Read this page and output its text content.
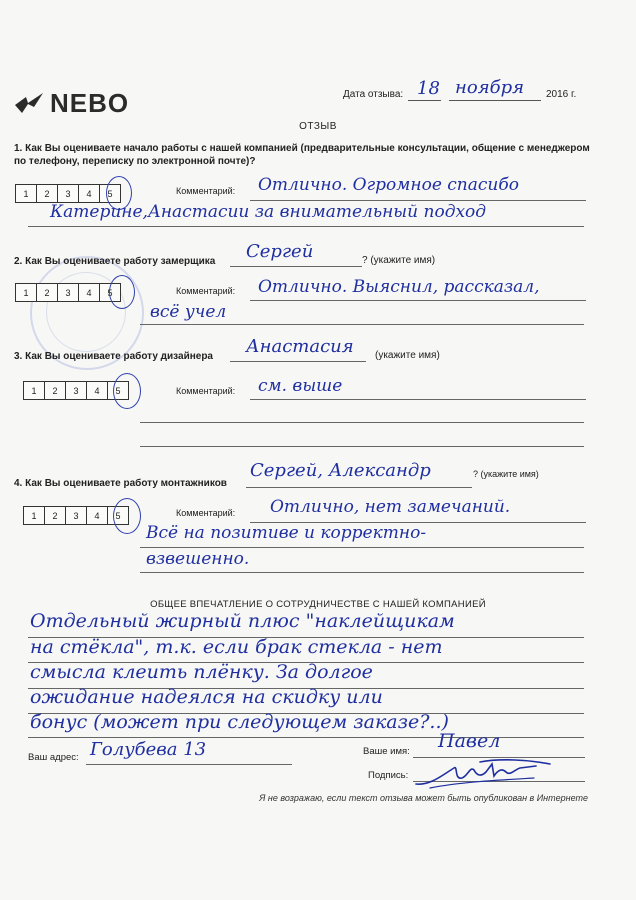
NEBO	Дата отзыва: 18 ноября 2016 г.
ОТЗЫВ
1. Как Вы оцениваете начало работы с нашей компанией (предварительные консультации, общение с менеджером по телефону, переписку по электронной почте)?
1	2	3	4	5	Комментарий: Отлично. Огромное спасибо
Катерине,Анастасии за внимательный подход
2. Как Вы оцениваете работу замерщика Сергей	? (укажите имя)
1	2	3	4	5	Комментарий: Отлично. Выяснил, рассказал,
всё учел
3. Как Вы оцениваете работу дизайнера Анастасия (укажите имя)
1	2	3	4	5	Комментарий: см. выше
4. Как Вы оцениваете работу монтажников
Сергей, Александр	? (укажите имя)
1	2	3	4	5	Комментарий: Отлично, нет замечаний.
Всё на позитиве и корректно-
взвешенно.
ОБЩЕЕ ВПЕЧАТЛЕНИЕ О СОТРУДНИЧЕСТВЕ С НАШЕЙ КОМПАНИЕЙ
Отдельный жирный плюс "наклейщикам
на стёкла", т.к. если брак стекла - нет
смысла клеить плёнку. За долгое
ожидание надеялся на скидку или
бонус (может при следующем заказе?..)
Ваш адрес: Голубева 13	Ваше имя: Павел
Подпись:
Я не возражаю, если текст отзыва может быть опубликован в Интернете
